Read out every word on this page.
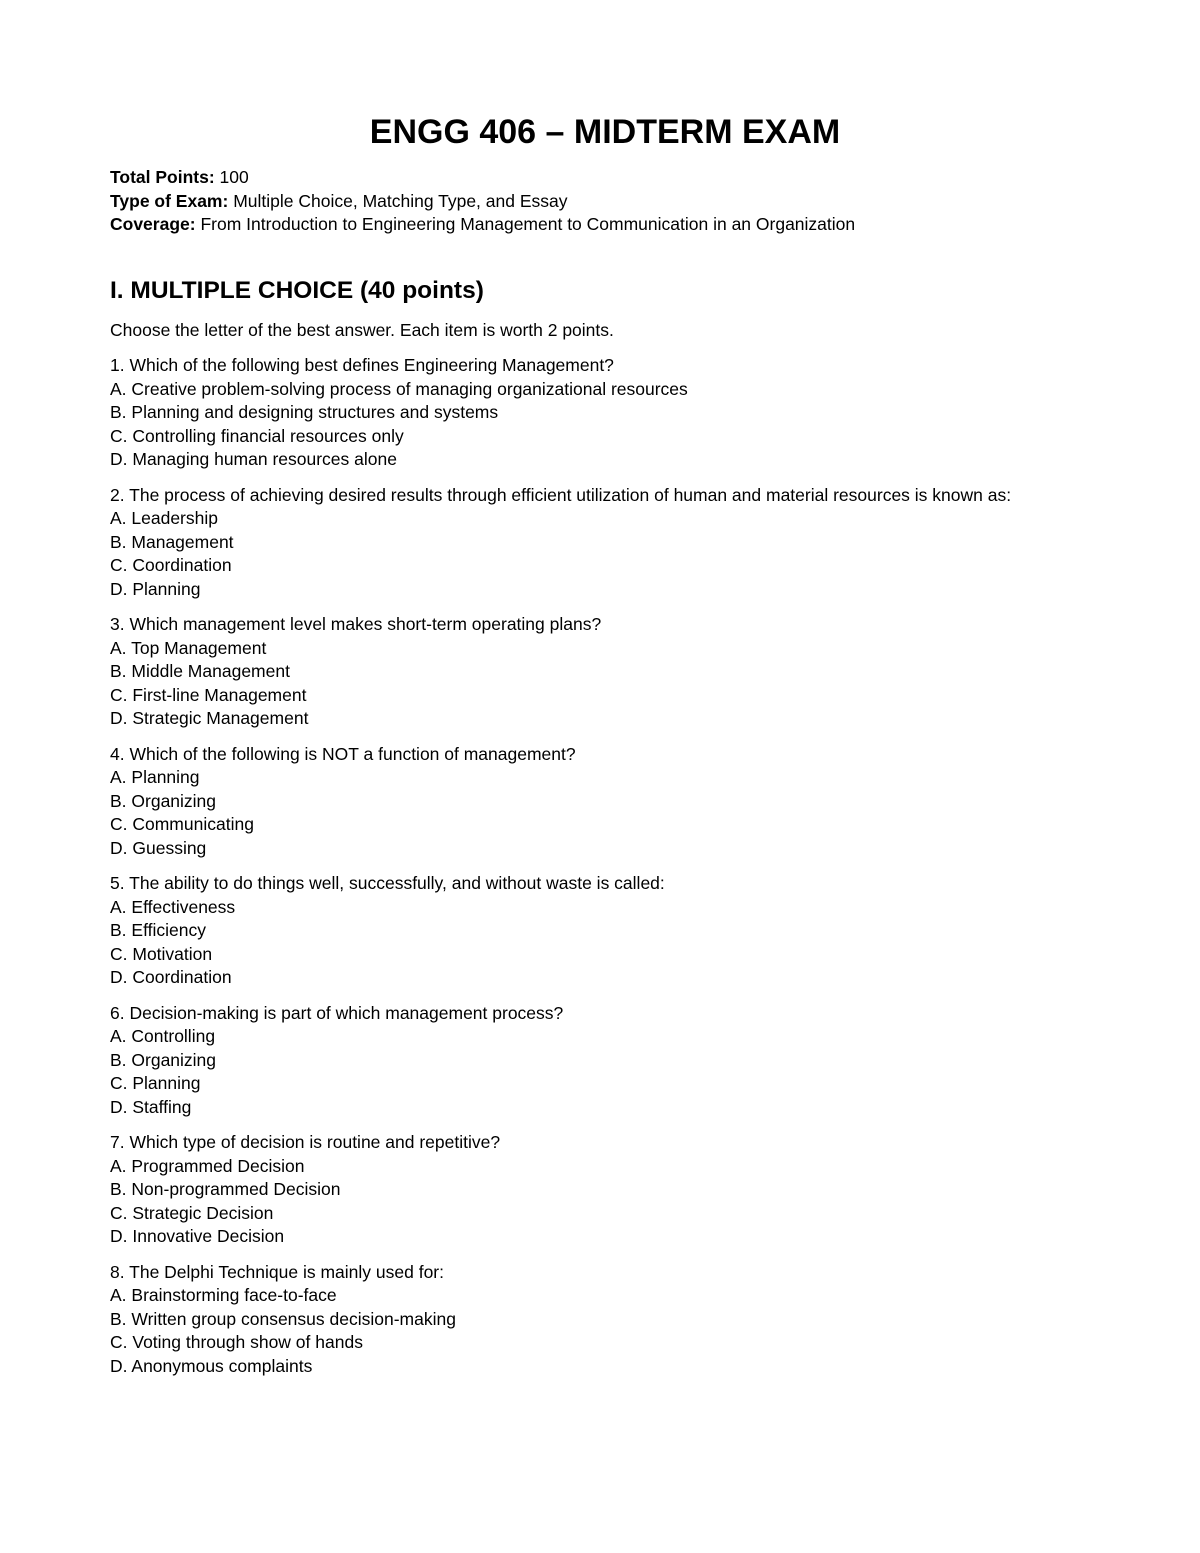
ENGG 406 – MIDTERM EXAM
Total Points: 100
Type of Exam: Multiple Choice, Matching Type, and Essay
Coverage: From Introduction to Engineering Management to Communication in an Organization
I. MULTIPLE CHOICE (40 points)
Choose the letter of the best answer. Each item is worth 2 points.
1. Which of the following best defines Engineering Management?
A. Creative problem-solving process of managing organizational resources
B. Planning and designing structures and systems
C. Controlling financial resources only
D. Managing human resources alone
2. The process of achieving desired results through efficient utilization of human and material resources is known as:
A. Leadership
B. Management
C. Coordination
D. Planning
3. Which management level makes short-term operating plans?
A. Top Management
B. Middle Management
C. First-line Management
D. Strategic Management
4. Which of the following is NOT a function of management?
A. Planning
B. Organizing
C. Communicating
D. Guessing
5. The ability to do things well, successfully, and without waste is called:
A. Effectiveness
B. Efficiency
C. Motivation
D. Coordination
6. Decision-making is part of which management process?
A. Controlling
B. Organizing
C. Planning
D. Staffing
7. Which type of decision is routine and repetitive?
A. Programmed Decision
B. Non-programmed Decision
C. Strategic Decision
D. Innovative Decision
8. The Delphi Technique is mainly used for:
A. Brainstorming face-to-face
B. Written group consensus decision-making
C. Voting through show of hands
D. Anonymous complaints
